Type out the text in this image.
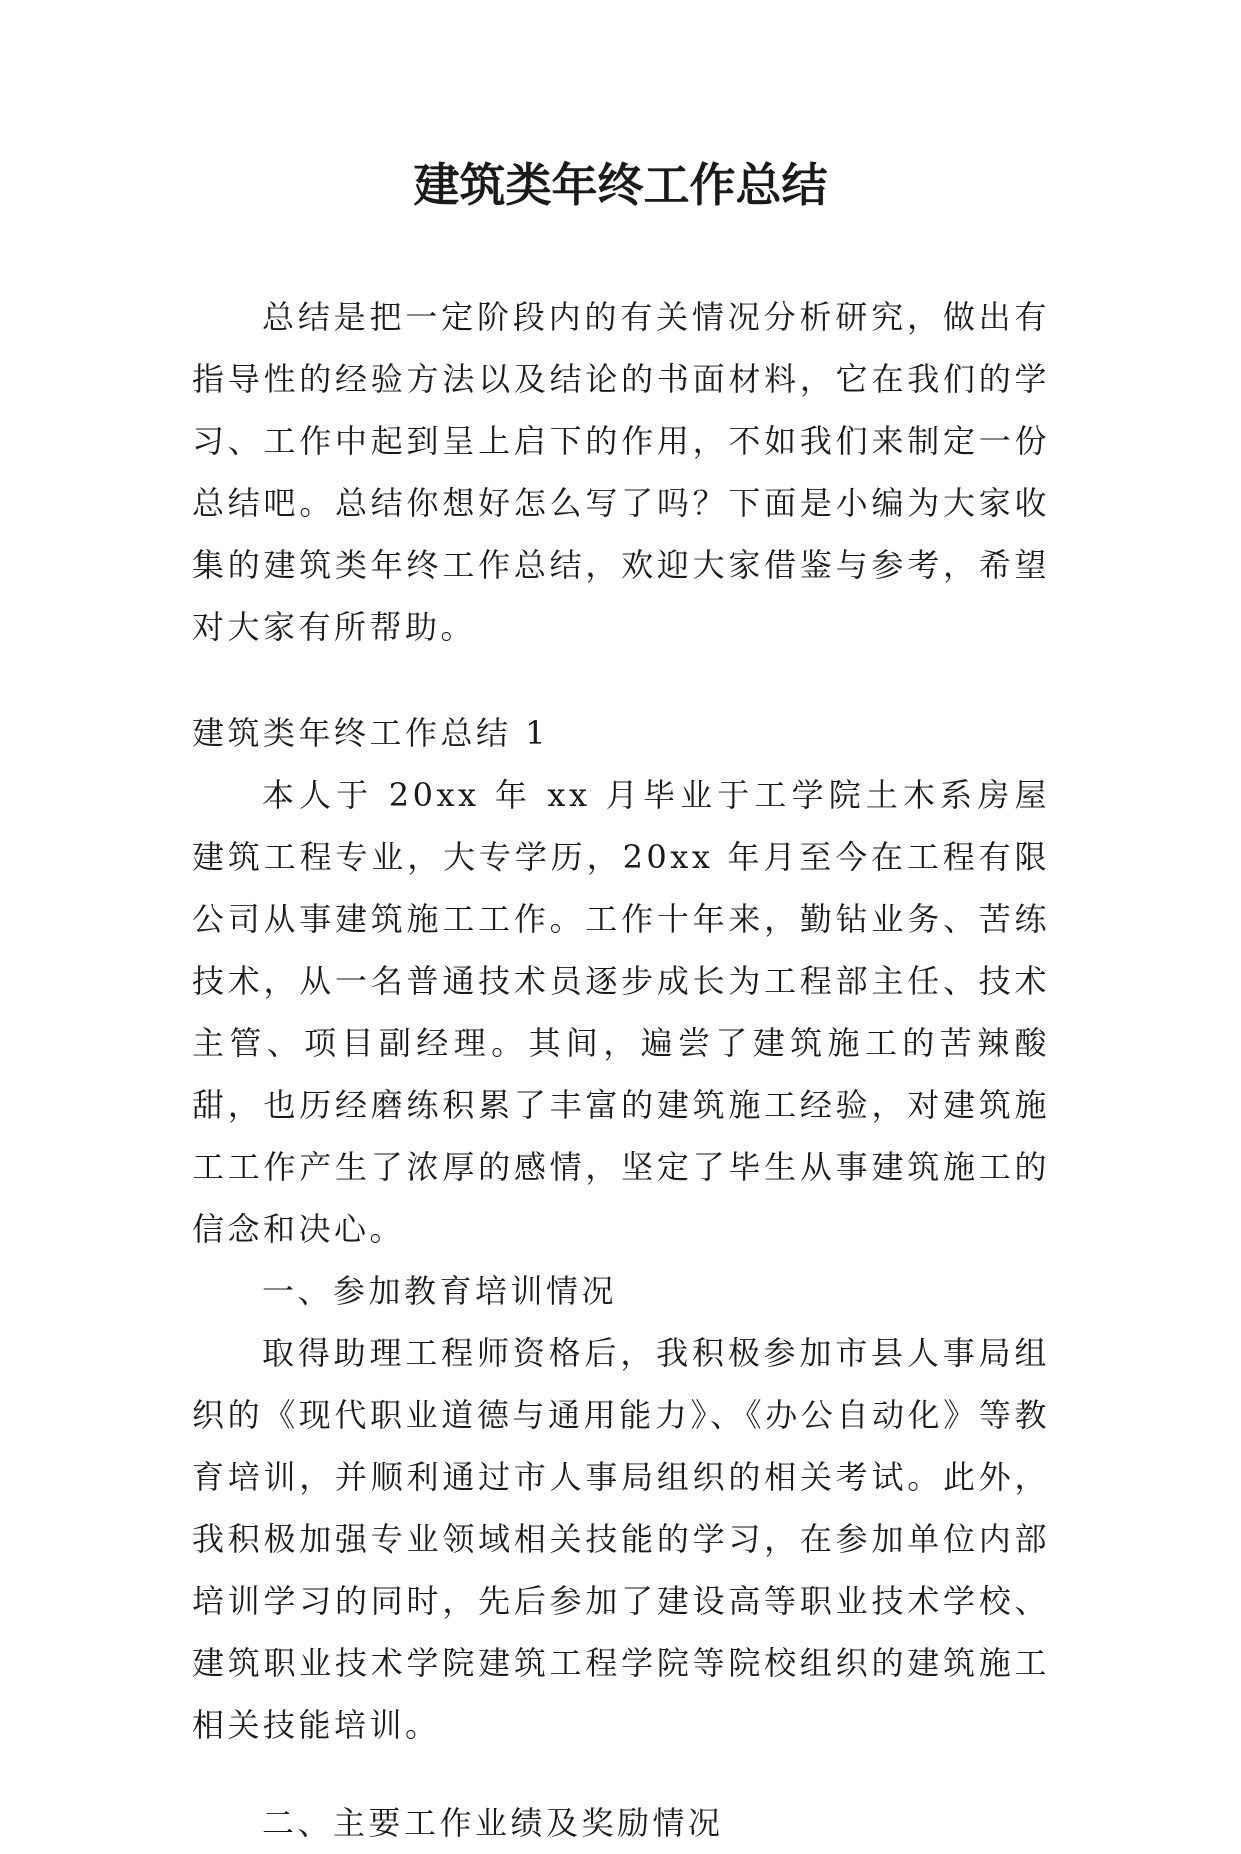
建筑类年终工作总结

总结是把一定阶段内的有关情况分析研究，做出有指导性的经验方法以及结论的书面材料，它在我们的学习、工作中起到呈上启下的作用，不如我们来制定一份总结吧。总结你想好怎么写了吗？下面是小编为大家收集的建筑类年终工作总结，欢迎大家借鉴与参考，希望对大家有所帮助。

建筑类年终工作总结 1

本人于 20xx 年 xx 月毕业于工学院土木系房屋建筑工程专业，大专学历，20xx 年月至今在工程有限公司从事建筑施工工作。工作十年来，勤钻业务、苦练技术，从一名普通技术员逐步成长为工程部主任、技术主管、项目副经理。其间，遍尝了建筑施工的苦辣酸甜，也历经磨练积累了丰富的建筑施工经验，对建筑施工工作产生了浓厚的感情，坚定了毕生从事建筑施工的信念和决心。

一、参加教育培训情况

取得助理工程师资格后，我积极参加市县人事局组织的《现代职业道德与通用能力》、《办公自动化》等教育培训，并顺利通过市人事局组织的相关考试。此外，我积极加强专业领域相关技能的学习，在参加单位内部培训学习的同时，先后参加了建设高等职业技术学校、建筑职业技术学院建筑工程学院等院校组织的建筑施工相关技能培训。

二、主要工作业绩及奖励情况
